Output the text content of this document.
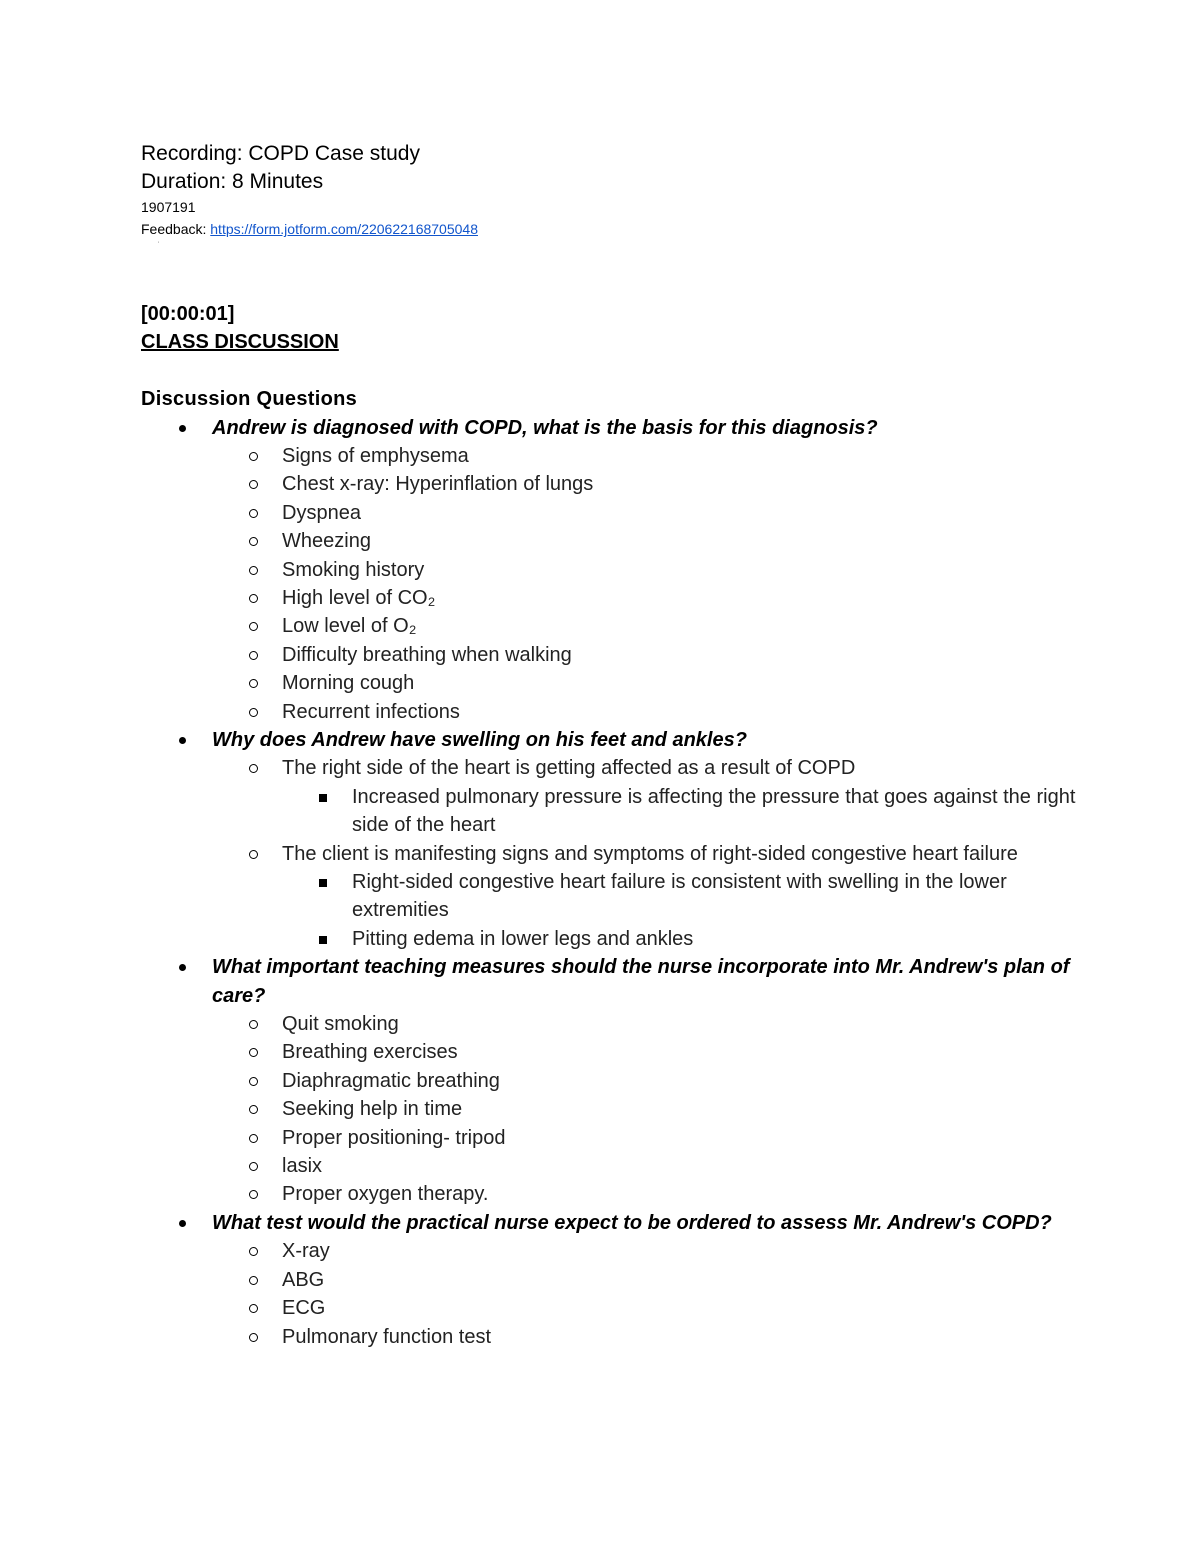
Recording: COPD Case study
Duration: 8 Minutes
1907191
Feedback: https://form.jotform.com/220622168705048
ˈ
[00:00:01]
CLASS DISCUSSION
Discussion Questions
Andrew is diagnosed with COPD, what is the basis for this diagnosis?
Signs of emphysema
Chest x-ray: Hyperinflation of lungs
Dyspnea
Wheezing
Smoking history
High level of CO₂
Low level of O₂
Difficulty breathing when walking
Morning cough
Recurrent infections
Why does Andrew have swelling on his feet and ankles?
The right side of the heart is getting affected as a result of COPD
Increased pulmonary pressure is affecting the pressure that goes against the right side of the heart
The client is manifesting signs and symptoms of right-sided congestive heart failure
Right-sided congestive heart failure is consistent with swelling in the lower extremities
Pitting edema in lower legs and ankles
What important teaching measures should the nurse incorporate into Mr. Andrew's plan of care?
Quit smoking
Breathing exercises
Diaphragmatic breathing
Seeking help in time
Proper positioning- tripod
lasix
Proper oxygen therapy.
What test would the practical nurse expect to be ordered to assess Mr. Andrew's COPD?
X-ray
ABG
ECG
Pulmonary function test
